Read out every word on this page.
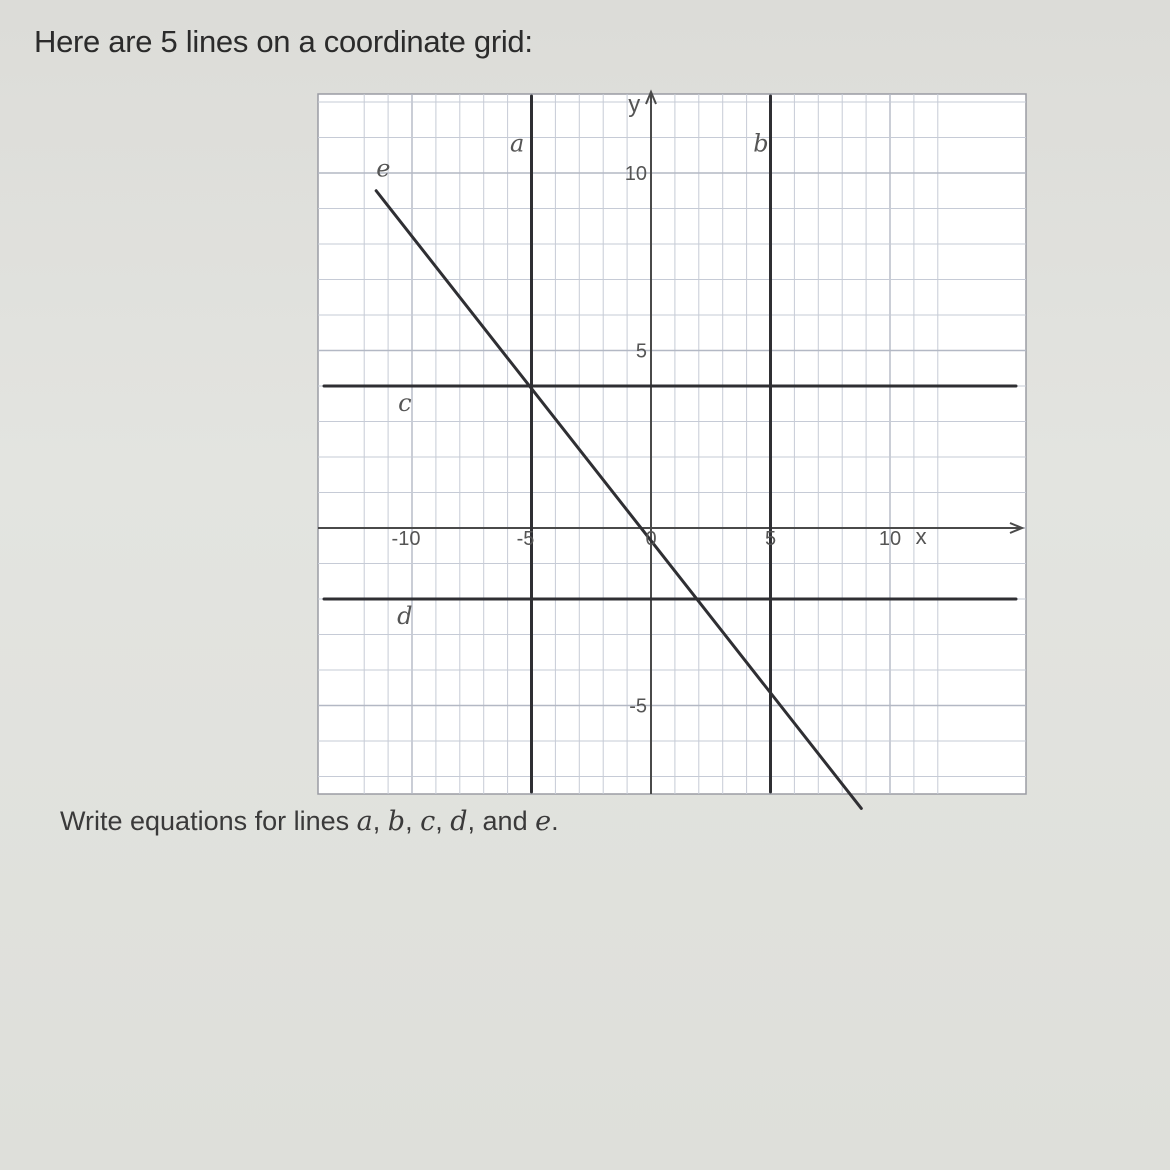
Here are 5 lines on a coordinate grid:
x
y
-10	-5	0	5	10
10
5
-5
a	b
c
d
e

Write equations for lines a, b, c, d, and e.
